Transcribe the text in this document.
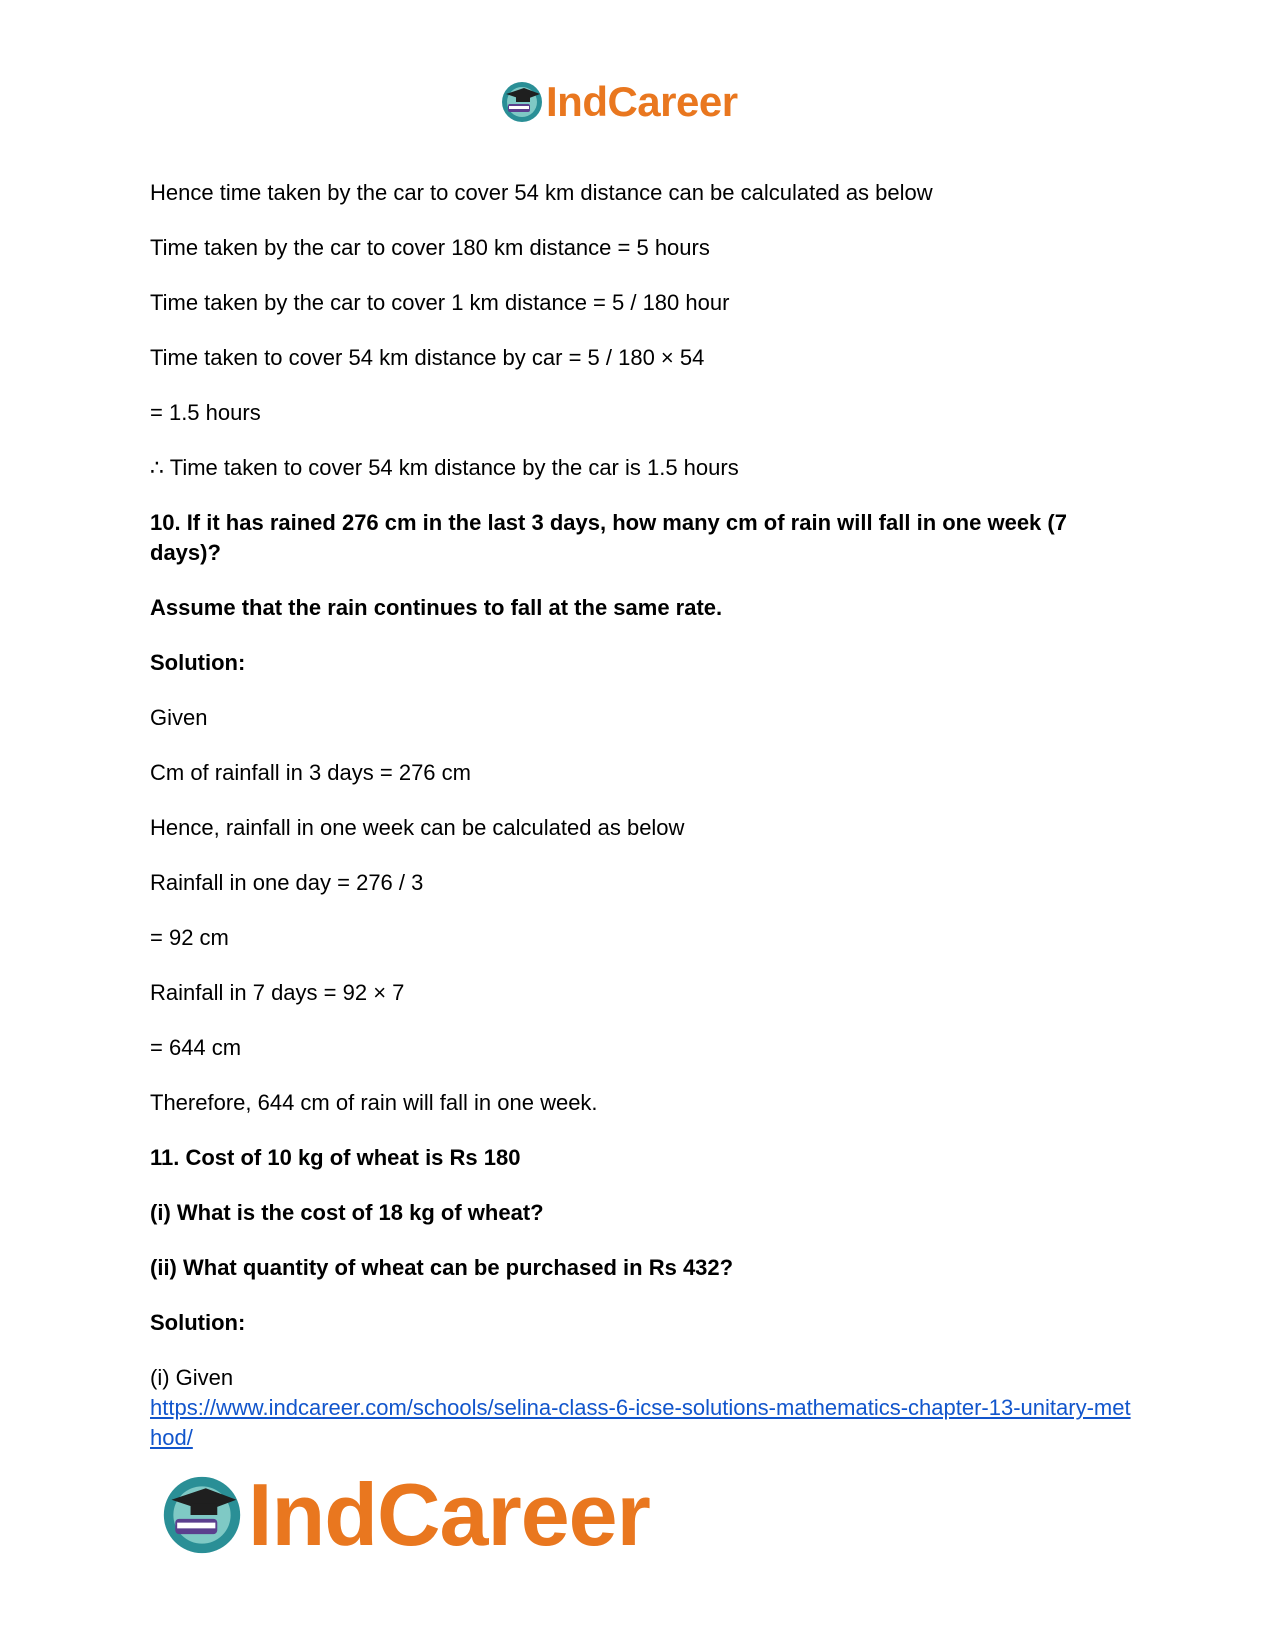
IndCareer

Hence time taken by the car to cover 54 km distance can be calculated as below

Time taken by the car to cover 180 km distance = 5 hours

Time taken by the car to cover 1 km distance = 5 / 180 hour

Time taken to cover 54 km distance by car = 5 / 180 × 54

= 1.5 hours

∴ Time taken to cover 54 km distance by the car is 1.5 hours

10. If it has rained 276 cm in the last 3 days, how many cm of rain will fall in one week (7 days)?

Assume that the rain continues to fall at the same rate.

Solution:

Given

Cm of rainfall in 3 days = 276 cm

Hence, rainfall in one week can be calculated as below

Rainfall in one day = 276 / 3

= 92 cm

Rainfall in 7 days = 92 × 7

= 644 cm

Therefore, 644 cm of rain will fall in one week.

11. Cost of 10 kg of wheat is Rs 180

(i) What is the cost of 18 kg of wheat?

(ii) What quantity of wheat can be purchased in Rs 432?

Solution:

(i) Given

https://www.indcareer.com/schools/selina-class-6-icse-solutions-mathematics-chapter-13-unitary-method/
IndCareer
